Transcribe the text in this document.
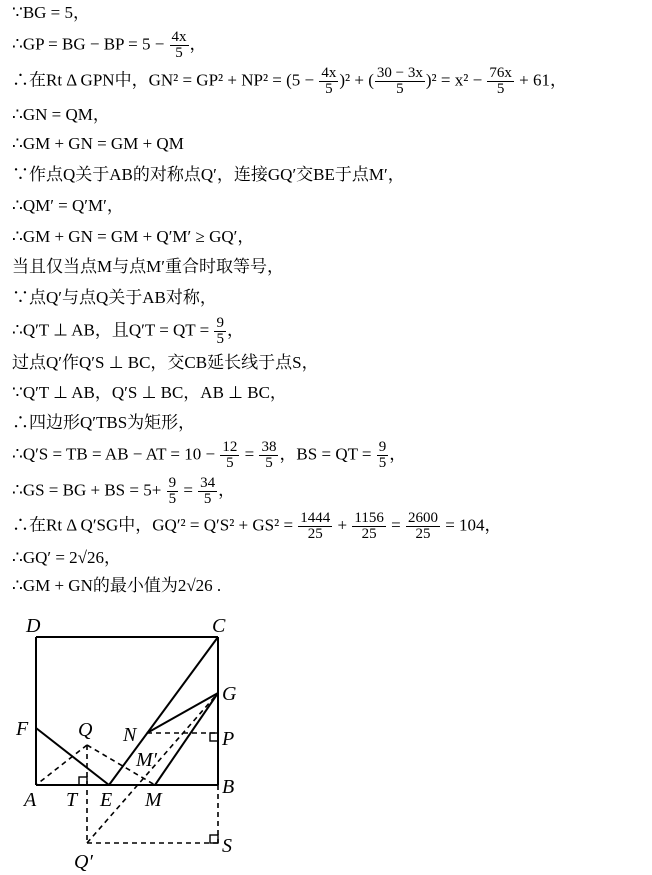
∵BG = 5，
∴GP = BG − BP = $5 - \frac{4x}{5}$ ，
∴在Rt Δ GPN中，$GN^2 = GP^2 + NP^2 = (5 - \frac{4x}{5} )^2$ + ( $\frac{30 - 3x}{5} )^2 = x^2 - \frac{76x}{5} + 61$，
∴GN = QM，
∴GM + GN = GM + QM
∵作点Q关于AB的对称点Q′，连接GQ′交BE于点M′，
∴QM′ = Q′M′，
∴GM + GN = GM + Q′M′ ≥ GQ′，
当且仅当点M与点M′重合时取等号，
∵点Q′与点Q关于AB对称，
∴Q′T ⊥ AB，且Q′T = QT = $\frac{9}{5}$ ，
过点Q′作Q′S ⊥ BC，交CB延长线于点S，
∵Q′T ⊥ AB，Q′S ⊥ BC，AB ⊥ BC，
∴四边形Q′TBS为矩形，
∴Q′S = TB = AB − AT = $10 - \frac{12}{5} = \frac{38}{5}$ ，BS = QT = $\frac{9}{5}$ ，
∴GS = BG + BS = $5+ \frac{9}{5} = \frac{34}{5}$ ，
∴在Rt Δ Q′SG中，$GQ'^2 = Q'S^2 + GS^2 = \frac{1444}{25} + \frac{1156}{25} = \frac{2600}{25} = 104$，
∴GQ′ = 2√26，
∴GM + GN的最小值为2√26 .
D	C
G
F Q N	P
M′
A T E M
B
Q′
S
